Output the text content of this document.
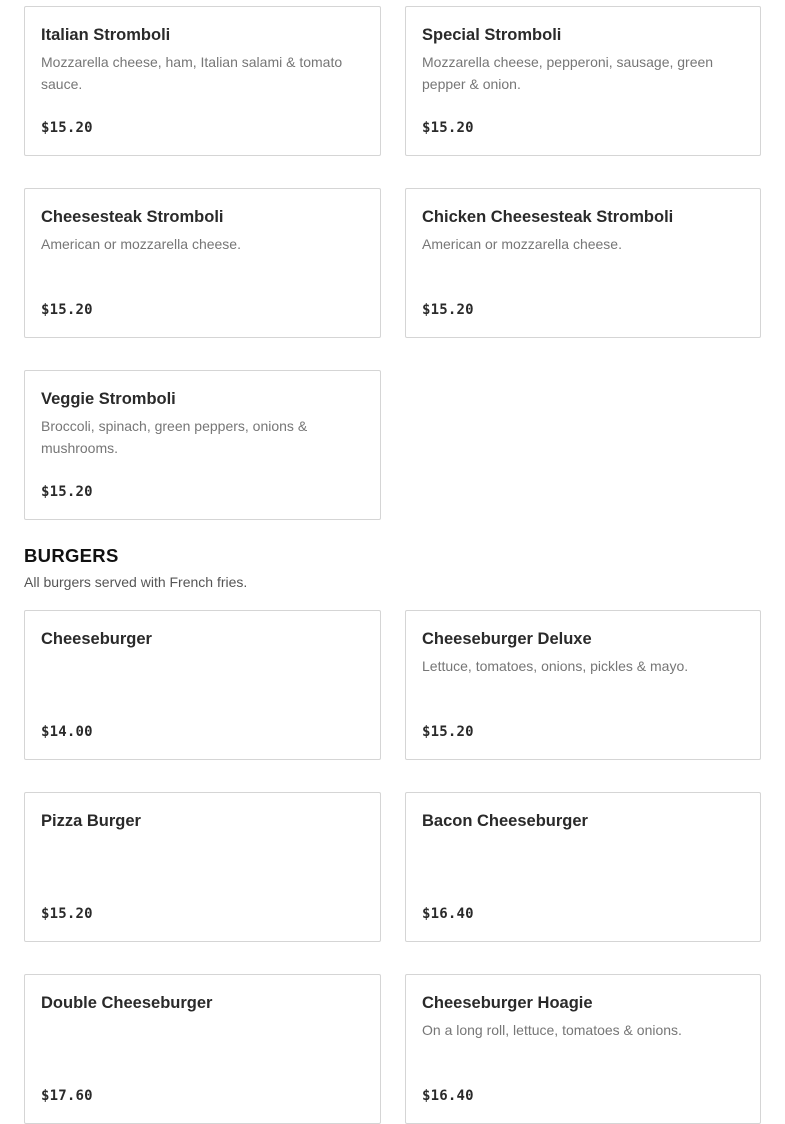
Italian Stromboli
Mozzarella cheese, ham, Italian salami & tomato sauce.
$15.20
Special Stromboli
Mozzarella cheese, pepperoni, sausage, green pepper & onion.
$15.20
Cheesesteak Stromboli
American or mozzarella cheese.
$15.20
Chicken Cheesesteak Stromboli
American or mozzarella cheese.
$15.20
Veggie Stromboli
Broccoli, spinach, green peppers, onions & mushrooms.
$15.20
BURGERS
All burgers served with French fries.
Cheeseburger
$14.00
Cheeseburger Deluxe
Lettuce, tomatoes, onions, pickles & mayo.
$15.20
Pizza Burger
$15.20
Bacon Cheeseburger
$16.40
Double Cheeseburger
$17.60
Cheeseburger Hoagie
On a long roll, lettuce, tomatoes & onions.
$16.40
